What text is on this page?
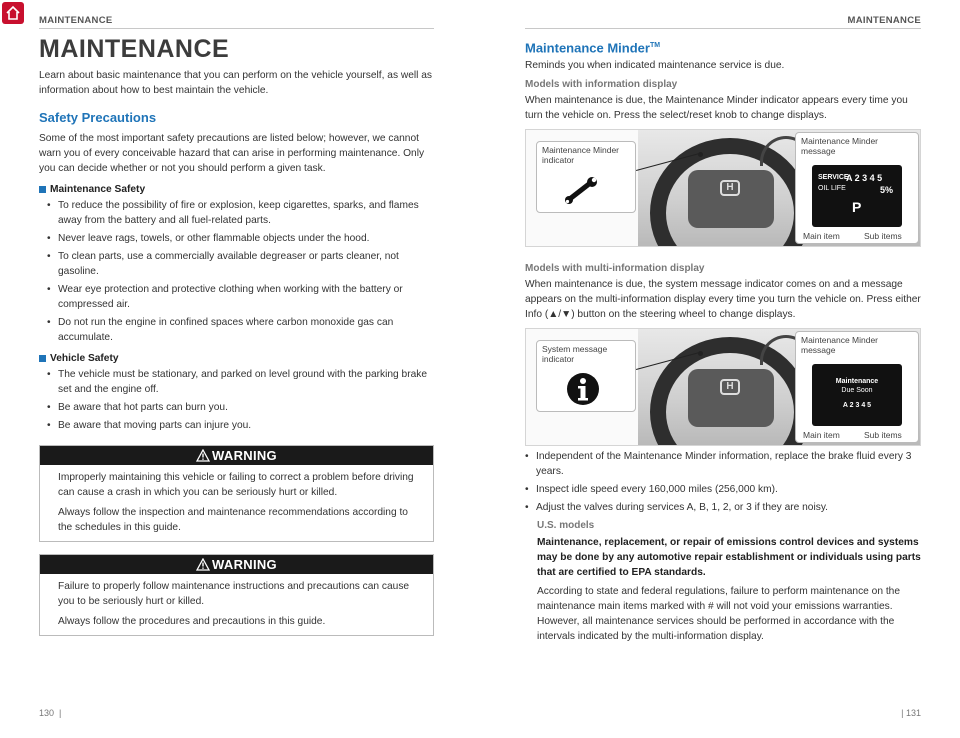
MAINTENANCE	MAINTENANCE
MAINTENANCE
Learn about basic maintenance that you can perform on the vehicle yourself, as well as information about how to best maintain the vehicle.
Safety Precautions
Some of the most important safety precautions are listed below; however, we cannot warn you of every conceivable hazard that can arise in performing maintenance. Only you can decide whether or not you should perform a given task.
Maintenance Safety
• To reduce the possibility of fire or explosion, keep cigarettes, sparks, and flames away from the battery and all fuel-related parts.
• Never leave rags, towels, or other flammable objects under the hood.
• To clean parts, use a commercially available degreaser or parts cleaner, not gasoline.
• Wear eye protection and protective clothing when working with the battery or compressed air.
• Do not run the engine in confined spaces where carbon monoxide gas can accumulate.
Vehicle Safety
• The vehicle must be stationary, and parked on level ground with the parking brake set and the engine off.
• Be aware that hot parts can burn you.
• Be aware that moving parts can injure you.
WARNING
Improperly maintaining this vehicle or failing to correct a problem before driving can cause a crash in which you can be seriously hurt or killed.
Always follow the inspection and maintenance recommendations according to the schedules in this guide.
WARNING
Failure to properly follow maintenance instructions and precautions can cause you to be seriously hurt or killed.
Always follow the procedures and precautions in this guide.
Maintenance Minder™
Reminds you when indicated maintenance service is due.
Models with information display
When maintenance is due, the Maintenance Minder indicator appears every time you turn the vehicle on. Press the select/reset knob to change displays.
H
Maintenance Minder indicator
Maintenance Minder message
SERVICE
OIL LIFE
A 2 3 4 5
5%
P
Main item	Sub items
Models with multi-information display
When maintenance is due, the system message indicator comes on and a message appears on the multi-information display every time you turn the vehicle on. Press either Info (▲/▼) button on the steering wheel to change displays.
H
System message indicator
Maintenance Minder message
Maintenance
Due Soon
A 2 3 4 5
Main item	Sub items
• Independent of the Maintenance Minder information, replace the brake fluid every 3 years.
• Inspect idle speed every 160,000 miles (256,000 km).
• Adjust the valves during services A, B, 1, 2, or 3 if they are noisy.
U.S. models
Maintenance, replacement, or repair of emissions control devices and systems may be done by any automotive repair establishment or individuals using parts that are certified to EPA standards.
According to state and federal regulations, failure to perform maintenance on the maintenance main items marked with # will not void your emissions warranties. However, all maintenance services should be performed in accordance with the intervals indicated by the multi-information display.
130  |	| 131
